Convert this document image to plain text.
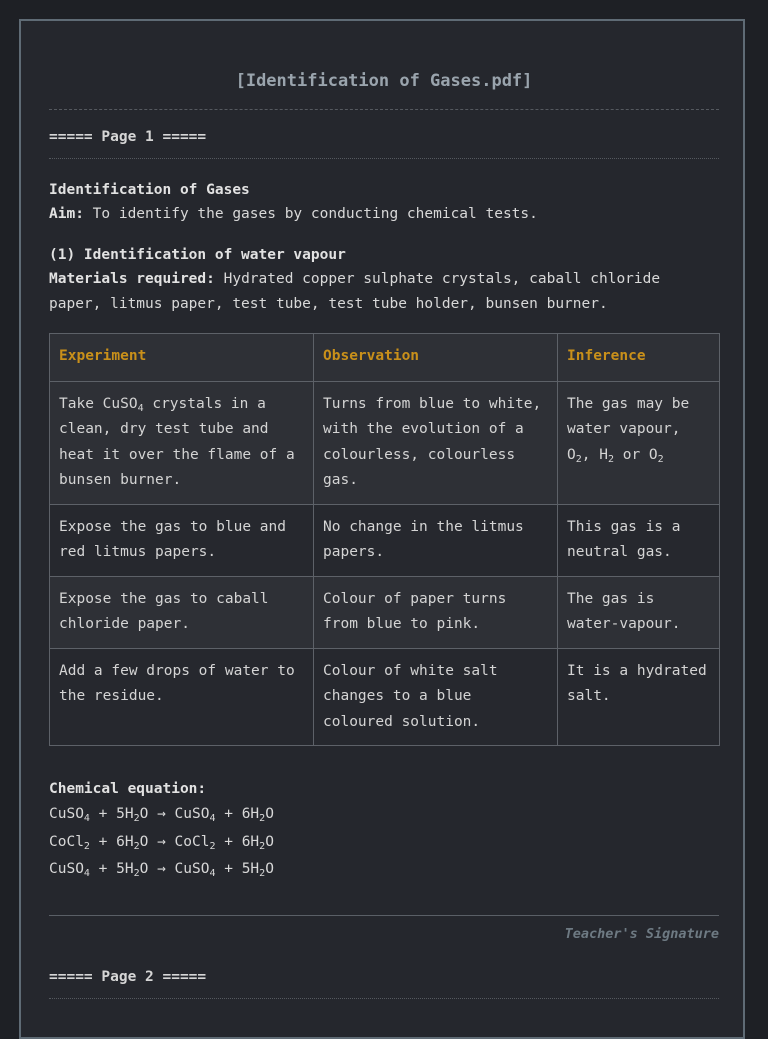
[Identification of Gases.pdf]
===== Page 1 =====
Identification of Gases
Aim: To identify the gases by conducting chemical tests.
(1) Identification of water vapour
Materials required: Hydrated copper sulphate crystals, caball chloride paper, litmus paper, test tube, test tube holder, bunsen burner.
Experiment	Observation	Inference
Take CuSO$_4$ crystals in a clean, dry test tube and heat it over the flame of a bunsen burner.	Turns from blue to white, with the evolution of a colourless, colourless gas.	The gas may be water vapour, $O_2$, $H_2$ or $O_2$
Expose the gas to blue and red litmus papers.	No change in the litmus papers.	This gas is a neutral gas.
Expose the gas to caball chloride paper.	Colour of paper turns from blue to pink.	The gas is water-vapour.
Add a few drops of water to the residue.	Colour of white salt changes to a blue coloured solution.	It is a hydrated salt.
Chemical equation:
CuSO$_4$ + $5H_2O$ → CuSO$_4$ + $6H_2O$
CoCl$_2$ + $6H_2O$ → CoCl$_2$ + $6H_2O$
CuSO$_4$ + $5H_2O$ → CuSO$_4$ + $5H_2O$
Teacher's Signature
===== Page 2 =====
